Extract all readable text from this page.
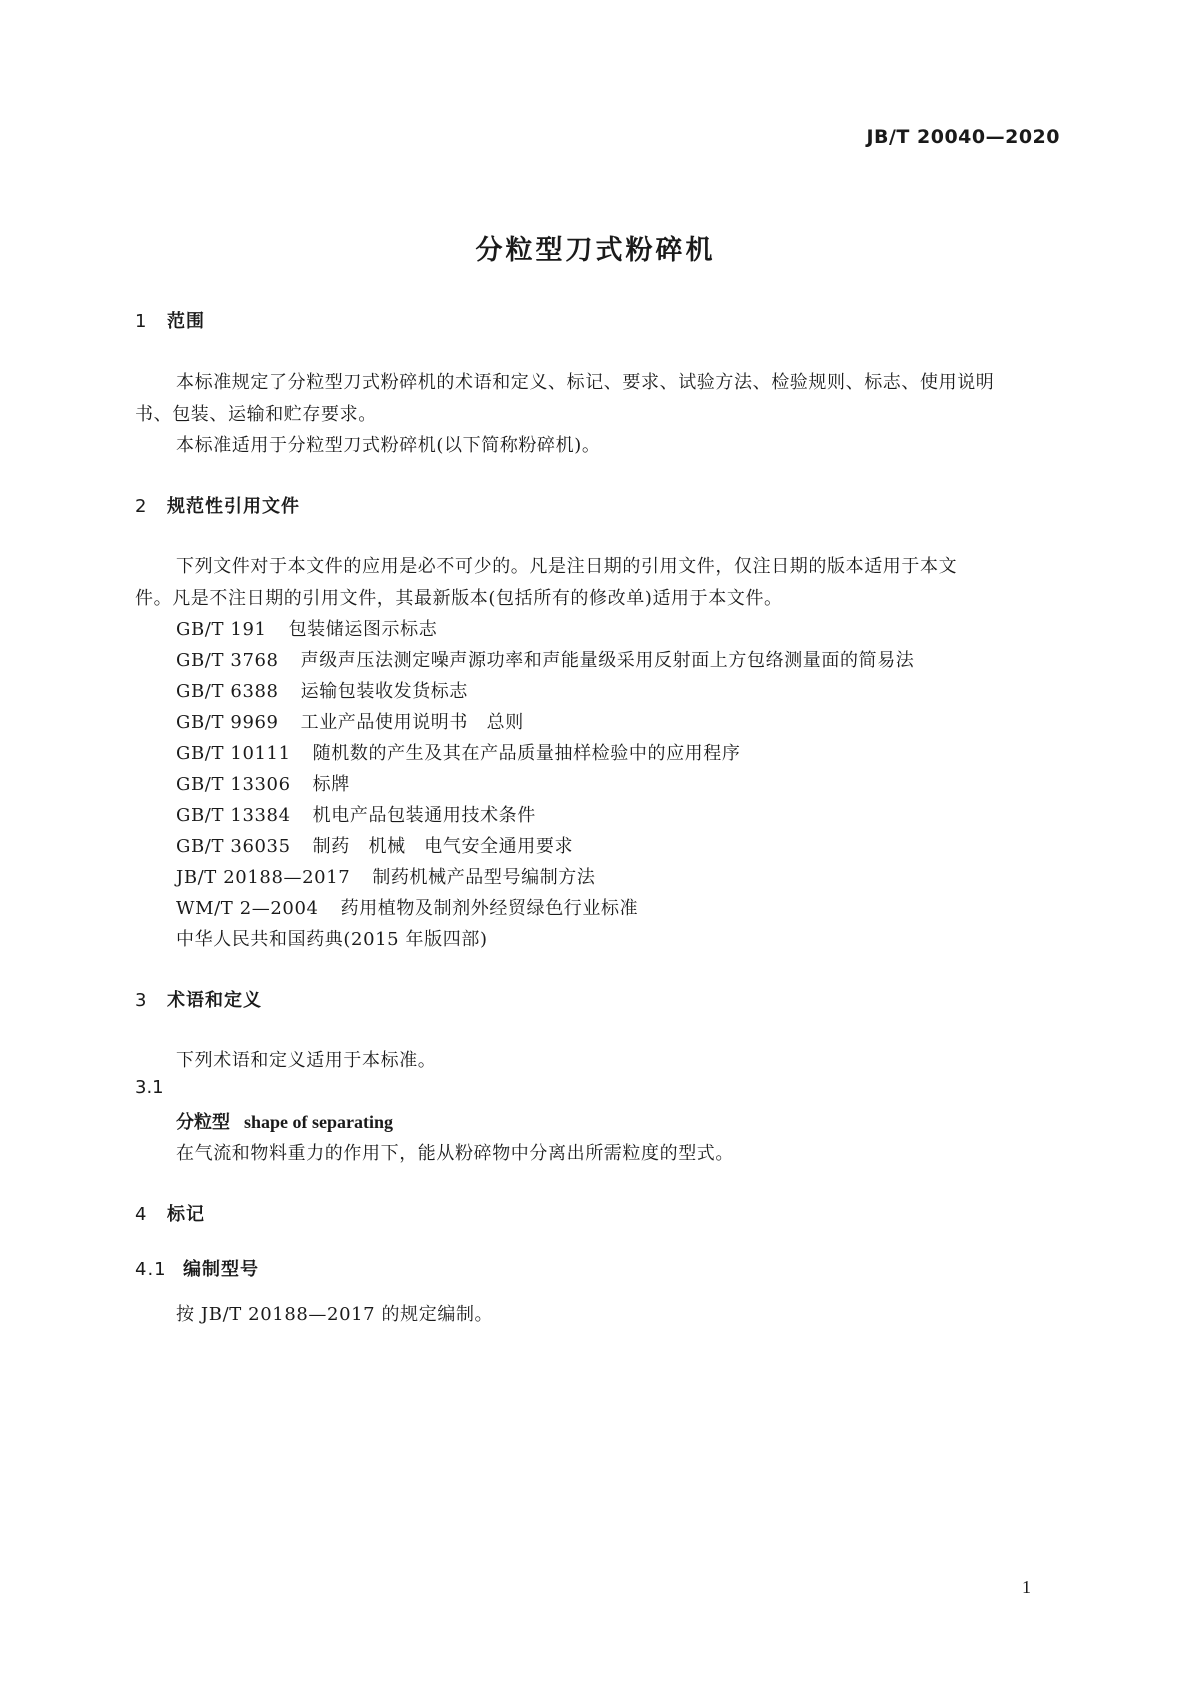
JB/T 20040—2020
分粒型刀式粉碎机
1 范围
本标准规定了分粒型刀式粉碎机的术语和定义、标记、要求、试验方法、检验规则、标志、使用说明
书、包装、运输和贮存要求。
本标准适用于分粒型刀式粉碎机(以下简称粉碎机)。
2 规范性引用文件
下列文件对于本文件的应用是必不可少的。凡是注日期的引用文件，仅注日期的版本适用于本文
件。凡是不注日期的引用文件，其最新版本(包括所有的修改单)适用于本文件。
GB/T 191 包装储运图示标志
GB/T 3768 声级声压法测定噪声源功率和声能量级采用反射面上方包络测量面的简易法
GB/T 6388 运输包装收发货标志
GB/T 9969 工业产品使用说明书　总则
GB/T 10111 随机数的产生及其在产品质量抽样检验中的应用程序
GB/T 13306 标牌
GB/T 13384 机电产品包装通用技术条件
GB/T 36035 制药　机械　电气安全通用要求
JB/T 20188—2017 制药机械产品型号编制方法
WM/T 2—2004 药用植物及制剂外经贸绿色行业标准
中华人民共和国药典(2015 年版四部)
3 术语和定义
下列术语和定义适用于本标准。
3.1
分粒型 shape of separating
在气流和物料重力的作用下，能从粉碎物中分离出所需粒度的型式。
4 标记
4.1 编制型号
按 JB/T 20188—2017 的规定编制。
1
